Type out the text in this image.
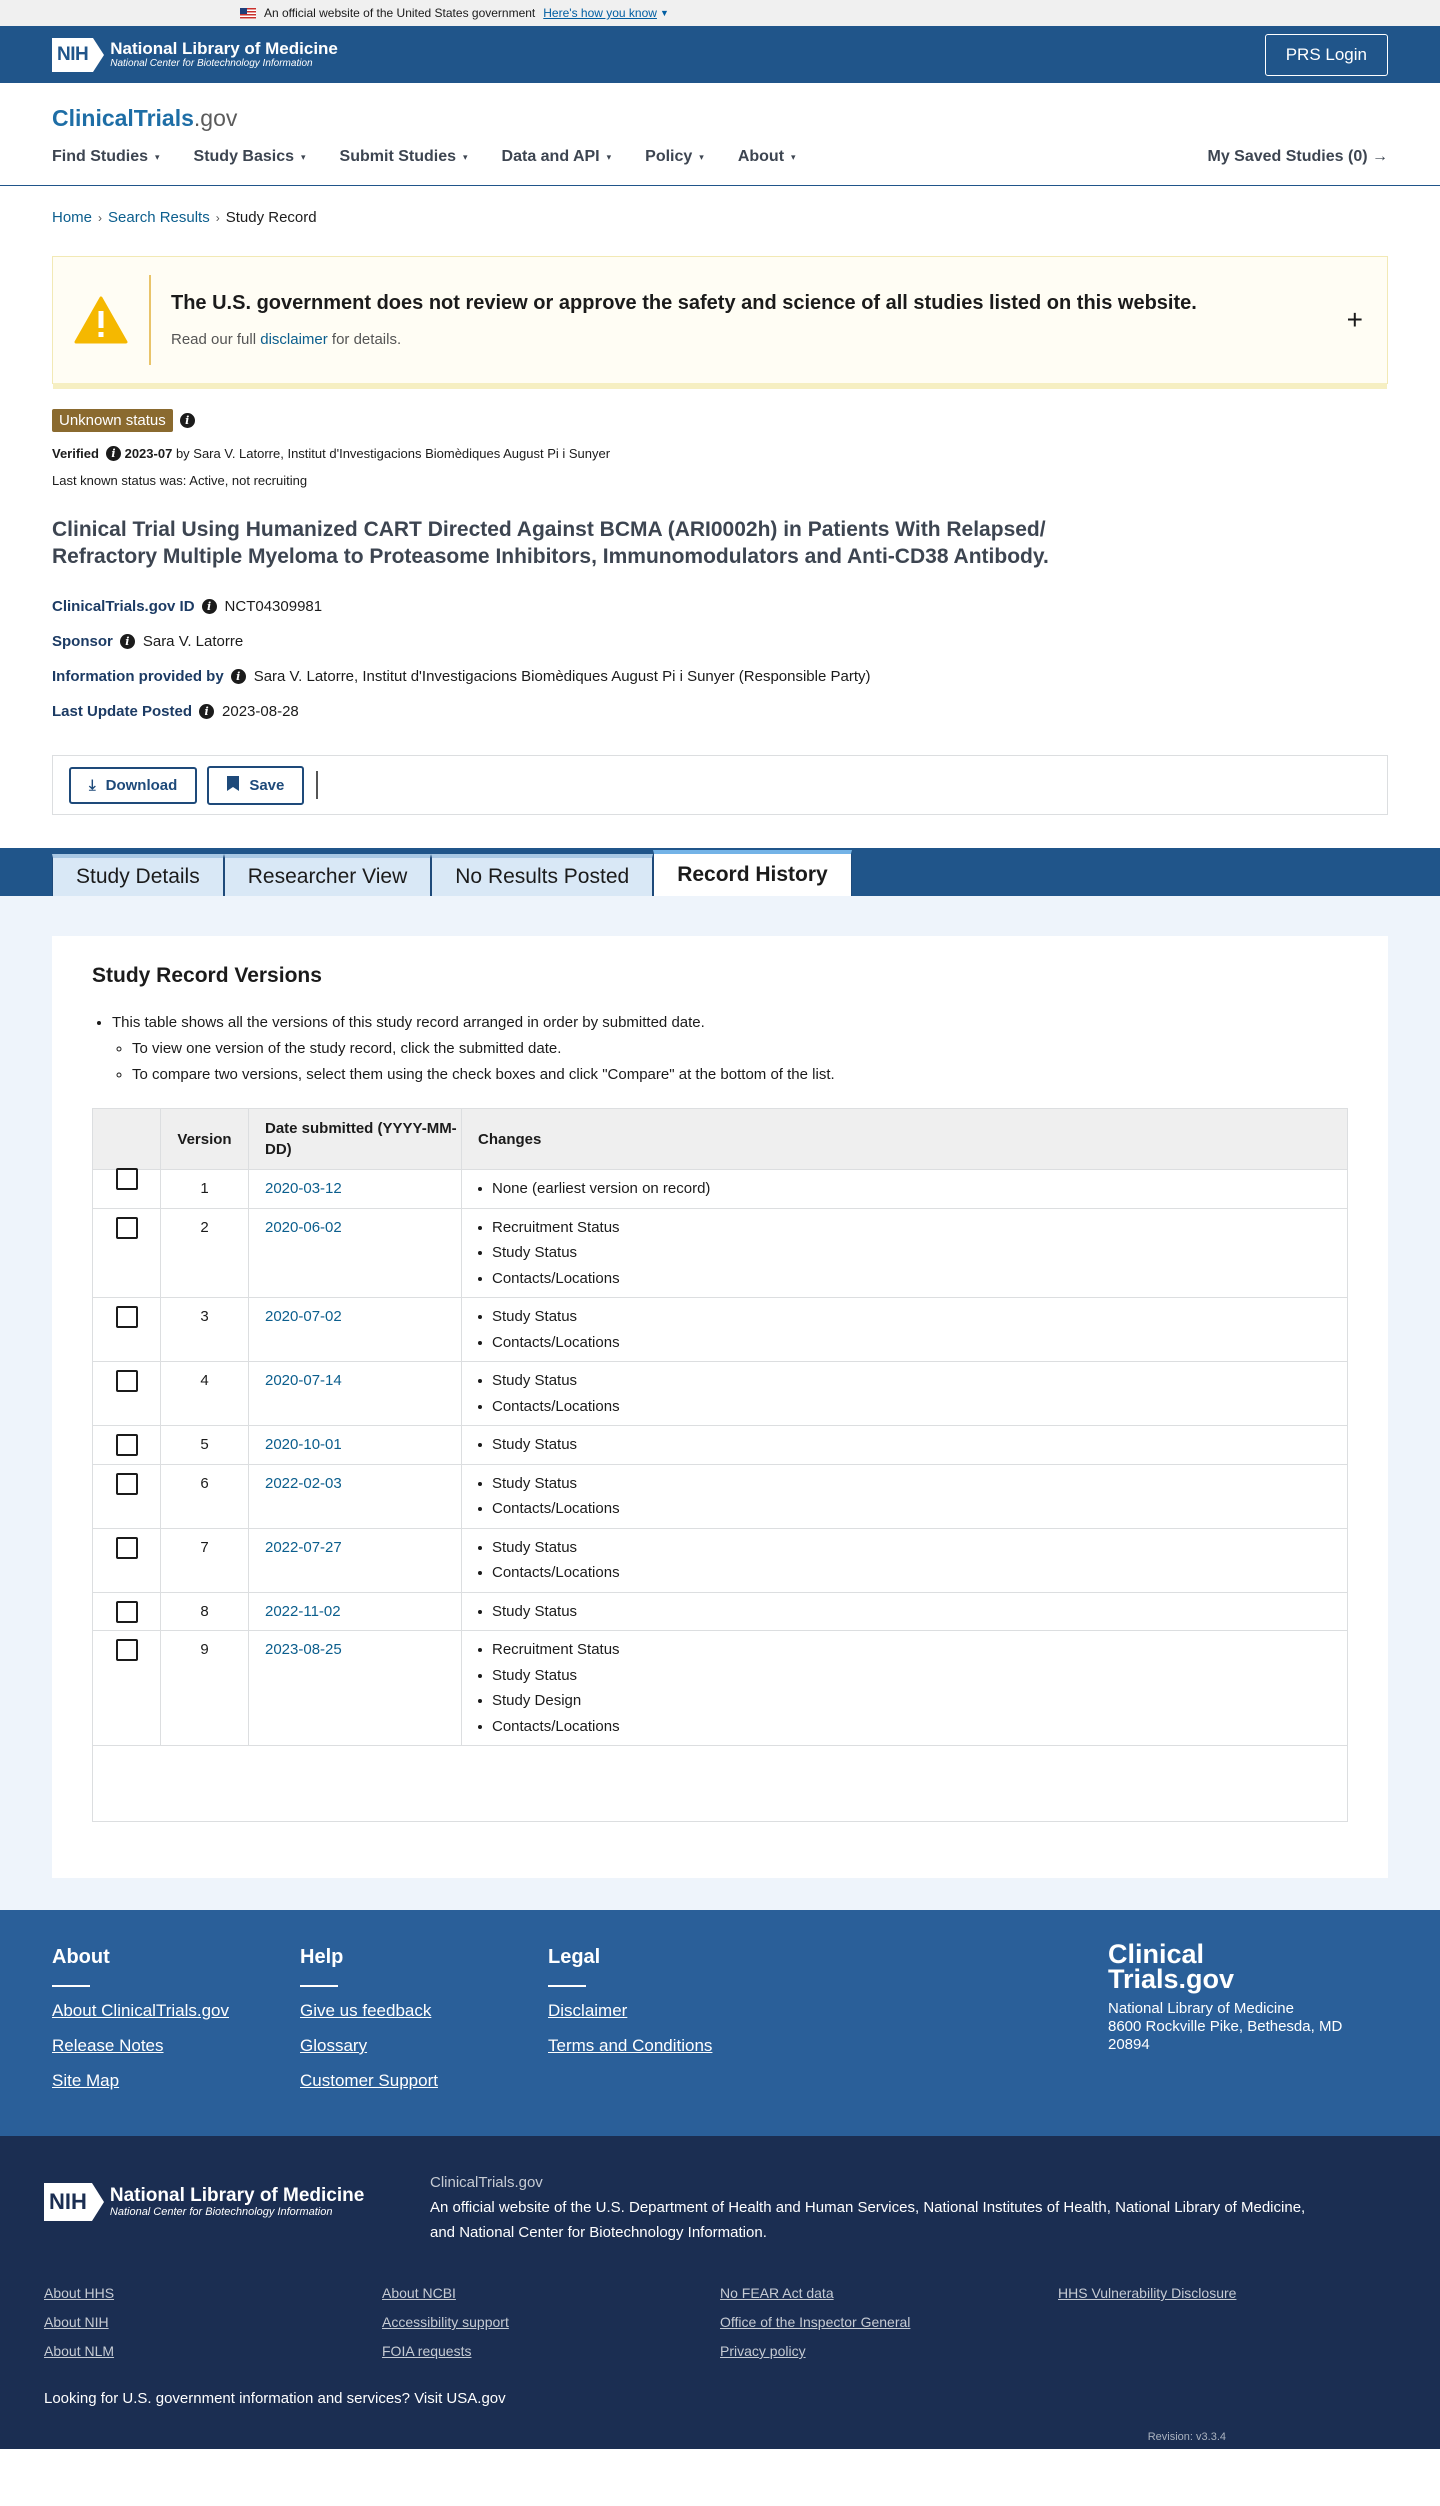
An official website of the United States government Here's how you know ▼
NIH National Library of Medicine
National Center for Biotechnology Information	PRS Login
ClinicalTrials.gov
Find Studies ▾ Study Basics ▾ Submit Studies ▾ Data and API ▾ Policy ▾ About ▾	My Saved Studies (0) →
Home › Search Results › Study Record
The U.S. government does not review or approve the safety and science of all studies listed on this website.
Read our full disclaimer for details.
+
Unknown status	i
Verified	i
2023-07
by Sara V. Latorre, Institut d'Investigacions Biomèdiques August Pi i Sunyer
Last known status was: Active, not recruiting
Clinical Trial Using Humanized CART Directed Against BCMA (ARI0002h) in Patients With Relapsed/ Refractory Multiple Myeloma to Proteasome Inhibitors, Immunomodulators and Anti-CD38 Antibody.
ClinicalTrials.gov ID	i NCT04309981
Sponsor	i Sara V. Latorre
Information provided by	i Sara V. Latorre, Institut d'Investigacions Biomèdiques August Pi i Sunyer (Responsible Party)
Last Update Posted	i 2023-08-28
⤓ Download	Save
Study Details	Researcher View	No Results Posted	Record History
Study Record Versions
• This table shows all the versions of this study record arranged in order by submitted date.
◦ To view one version of the study record, click the submitted date.
◦ To compare two versions, select them using the check boxes and click "Compare" at the bottom of the list.
Version
Date submitted (YYYY-MM-DD)
Changes
1	2020-03-12	None (earliest version on record)
2	2020-06-02	Recruitment Status
Study Status
Contacts/Locations
3	2020-07-02	Study Status
Contacts/Locations
4	2020-07-14	Study Status
Contacts/Locations
5	2020-10-01	Study Status
6	2022-02-03	Study Status
Contacts/Locations
7	2022-07-27	Study Status
Contacts/Locations
8	2022-11-02	Study Status
9	2023-08-25	Recruitment Status
Study Status
Study Design
Contacts/Locations
About
About ClinicalTrials.gov
Release Notes
Site Map
Help
Give us feedback
Glossary
Customer Support
Legal
Disclaimer
Terms and Conditions
Clinical
Trials.gov
National Library of Medicine
8600 Rockville Pike, Bethesda, MD 20894
NIH National Library of Medicine
National Center for Biotechnology Information
ClinicalTrials.gov
An official website of the U.S. Department of Health and Human Services, National Institutes of Health, National Library of Medicine,
and National Center for Biotechnology Information.
About HHS
About NIH
About NLM
About NCBI
Accessibility support
FOIA requests
No FEAR Act data
Office of the Inspector General
Privacy policy
HHS Vulnerability Disclosure
Looking for U.S. government information and services? Visit USA.gov
Revision: v3.3.4
